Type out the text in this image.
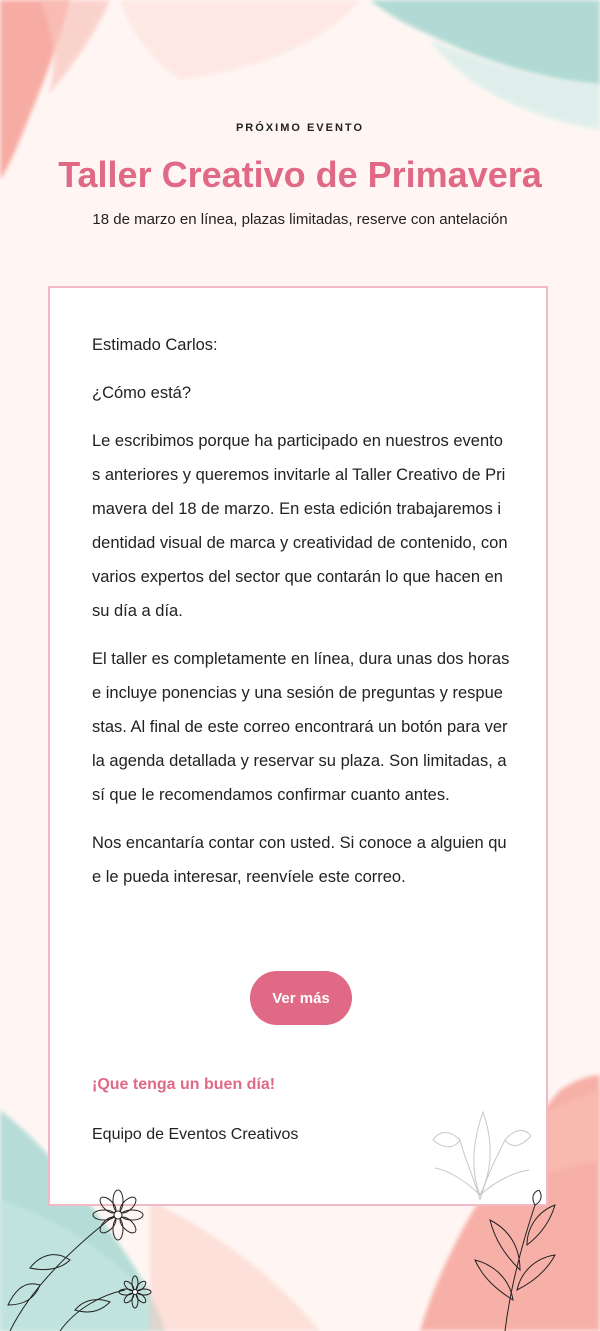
PRÓXIMO EVENTO
Taller Creativo de Primavera
18 de marzo en línea, plazas limitadas, reserve con antelación

Estimado Carlos:

¿Cómo está?

Le escribimos porque ha participado en nuestros eventos anteriores y queremos invitarle al Taller Creativo de Primavera del 18 de marzo. En esta edición trabajaremos identidad visual de marca y creatividad de contenido, con varios expertos del sector que contarán lo que hacen en su día a día.

El taller es completamente en línea, dura unas dos horas e incluye ponencias y una sesión de preguntas y respuestas. Al final de este correo encontrará un botón para ver la agenda detallada y reservar su plaza. Son limitadas, así que le recomendamos confirmar cuanto antes.

Nos encantaría contar con usted. Si conoce a alguien que le pueda interesar, reenvíele este correo.

Ver más
¡Que tenga un buen día!
Equipo de Eventos Creativos
